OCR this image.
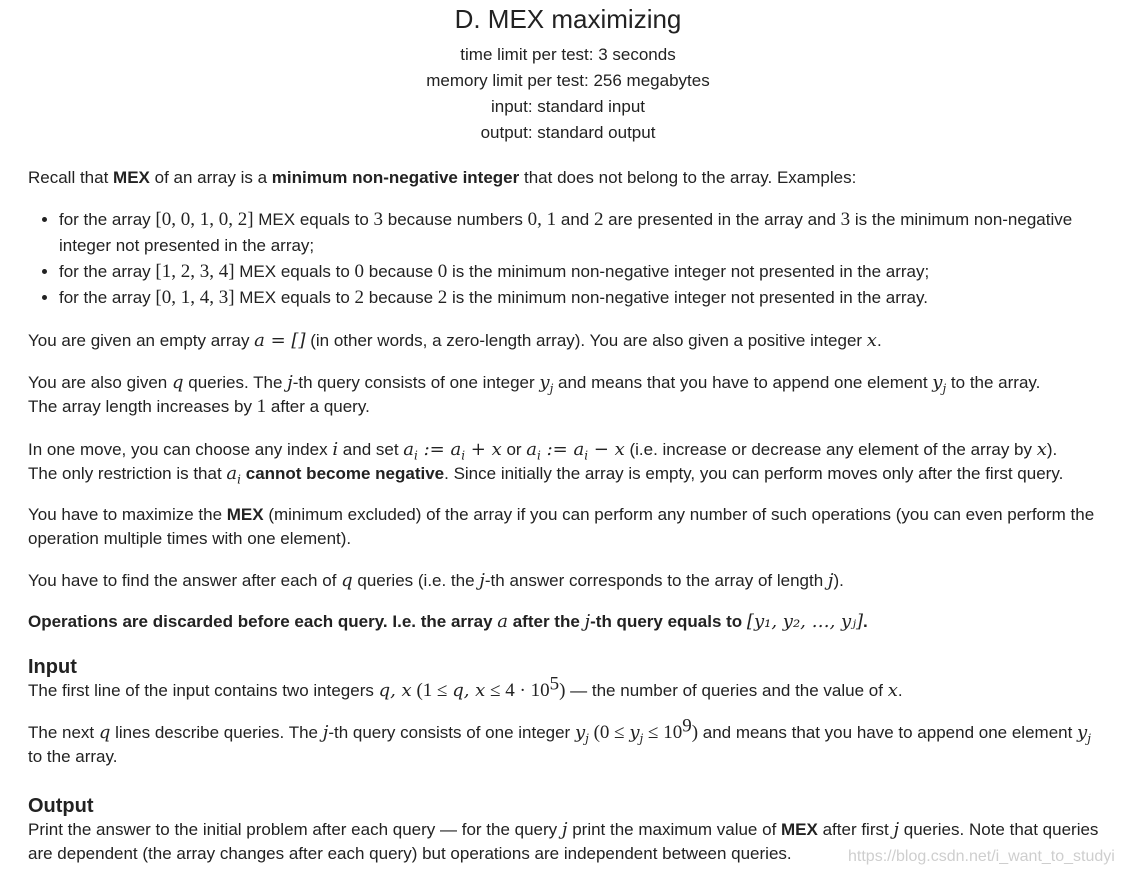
D. MEX maximizing
time limit per test: 3 seconds
memory limit per test: 256 megabytes
input: standard input
output: standard output

Recall that MEX of an array is a minimum non-negative integer that does not belong to the array. Examples:

• for the array [0, 0, 1, 0, 2] MEX equals to 3 because numbers 0, 1 and 2 are presented in the array and 3 is the minimum non-negative integer not presented in the array;
• for the array [1, 2, 3, 4] MEX equals to 0 because 0 is the minimum non-negative integer not presented in the array;
• for the array [0, 1, 4, 3] MEX equals to 2 because 2 is the minimum non-negative integer not presented in the array.

You are given an empty array a = [] (in other words, a zero-length array). You are also given a positive integer x.

You are also given q queries. The j-th query consists of one integer $y_j$ and means that you have to append one element $y_j$ to the array.

The array length increases by 1 after a query.

In one move, you can choose any index i and set $a_i$ := $a_i + x$ or $a_i$ := $a_i - x$ (i.e. increase or decrease any element of the array by x).

The only restriction is that $a_i$ cannot become negative. Since initially the array is empty, you can perform moves only after the first query.

You have to maximize the MEX (minimum excluded) of the array if you can perform any number of such operations (you can even perform the operation multiple times with one element).

You have to find the answer after each of q queries (i.e. the j-th answer corresponds to the array of length j).

Operations are discarded before each query. I.e. the array a after the j-th query equals to [y₁, y₂, …, yⱼ].

Input

The first line of the input contains two integers q, x (1 ≤ q, $x \le 4 \cdot 10^5$) — the number of queries and the value of x.

The next q lines describe queries. The j-th query consists of one integer $y_j$ $(0 \le y_j \le 10^9)$ and means that you have to append one element $y_j$ to the array.

Output

Print the answer to the initial problem after each query — for the query j print the maximum value of MEX after first j queries. Note that queries are dependent (the array changes after each query) but operations are independent between queries.	https://blog.csdn.net/i_want_to_studyi
